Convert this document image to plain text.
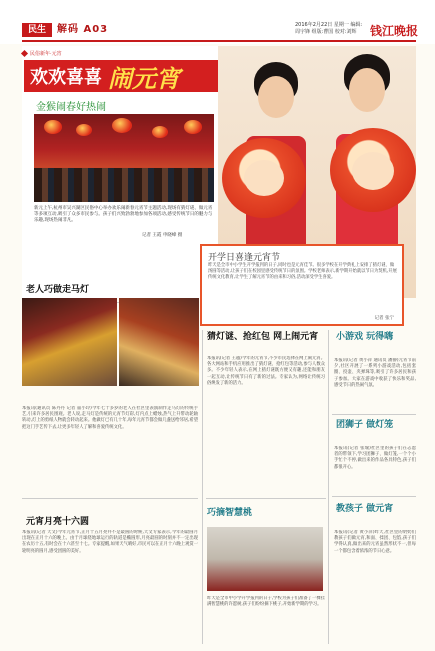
民生	解码 A03	2016年2月22日 星期一 编辑:周宇锋 组版:曹国 校对:刘辉	钱江晚报
民俗新年·元宵
欢欢喜喜 闹元宵
金猴闹春好热闹
新元上午,杭州市吴兴湖区民俗中心举办欢乐闹新春元宵节主题活动,现场有猜灯谜、做元宵等多项互动,吸引了众多市民参与。孩子们兴致勃勃地参加各项活动,感受传统节日的魅力与乐趣,现场热闹非凡。
记者 王霞 申晓峰 摄
开学日喜逢元宵节
昨天是全市中小学生开学报到的日子,同时也是元宵佳节。很多学校在开学典礼上安排了猜灯谜、做汤圆等活动,让孩子们在校园里感受传统节日的氛围。学校老师表示,新学期开始就以节日为契机,开展传统文化教育,让学生了解元宵节的由来和习俗,活动深受学生喜爱。
记者 张宁
老人巧做走马灯
本报讯(通讯员 陈丹丹 记者 董小玲)今年七十多岁的老人在社区里表演制作走马灯的传统手艺,引来许多居民围观。老人说,走马灯是传统的元宵节灯彩,灯内点上蜡烛,热气上升带动轮轴转动,灯上的剪纸人物就会转动起来。他做灯已有几十年,每年元宵节都会做几盏送给邻居,希望把这门手艺传下去,让更多年轻人了解和喜爱传统文化。
元宵月亮十六圆
本报讯(记者 天文)今年元宵节,正月十五月亮并不是最圆的时候,天文专家表示,今年的最圆月出现在正月十六的晚上。由于月球绕地球运行的轨道是椭圆形,月亮最圆的时刻并不一定出现在农历十五,有时会在十六甚至十七。专家提醒,如果天气晴好,市民可以在正月十六晚上观赏一轮明亮的圆月,感受团圆的美好。
猜灯谜、抢红包 网上闹元宵
本报讯(记者 王越)今年的元宵节,不少市民选择在网上闹元宵。各大网站和手机应用推出了猜灯谜、抢红包等活动,参与人数众多。不少年轻人表示,在网上猜灯谜既方便又有趣,还能和朋友一起互动,让传统节日有了新的过法。专家认为,网络让传统习俗焕发了新的活力。
巧摘智慧桃
昨天是全市中小学开学报到的日子,学校为孩子们准备了一棵挂满智慧桃的许愿树,孩子们纷纷摘下桃子,开始新学期的学习。
小游戏 玩得嗨
本报讯(记者 黄小萍 通讯员 潘静)元宵节前夕,社区开展了一系列小游戏活动,包括套圈、投壶、夹弹珠等,吸引了许多居民和孩子参加。大家在游戏中收获了快乐和奖品,感受节日的热闹气氛。
团狮子 做灯笼
本报讯(记者 张瑜)社区里的孩子们在志愿者的带领下,学习团狮子、做灯笼,一个个小手忙个不停,做出来的作品各具特色,孩子们都很开心。
教孩子 做元宵
本报讯(记者 黄小萍)昨天,社区里的奶奶们教孩子们做元宵,和面、揉团、包馅,孩子们学得认真,做出来的元宵虽然形状不一,但每一个都包含着浓浓的节日心意。
